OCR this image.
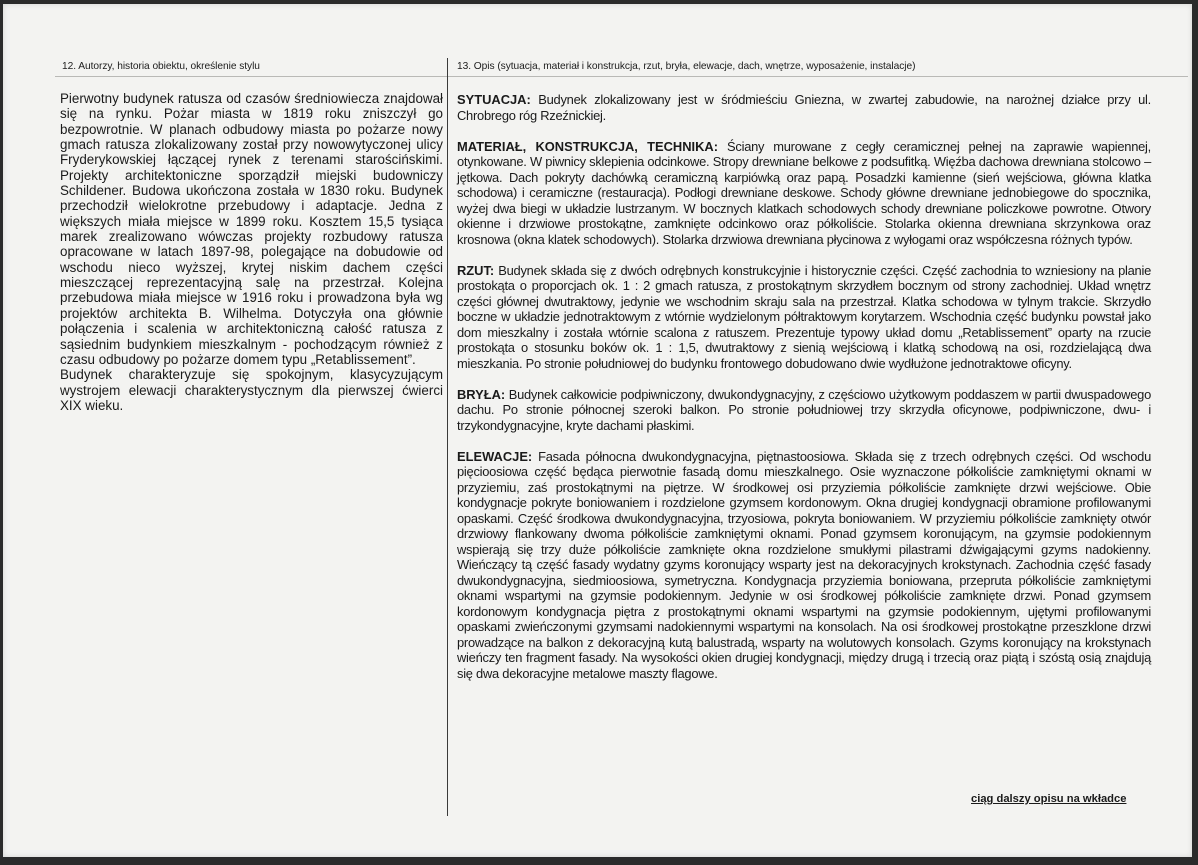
12. Autorzy, historia obiektu, określenie stylu	13. Opis (sytuacja, materiał i konstrukcja, rzut, bryła, elewacje, dach, wnętrze, wyposażenie, instalacje)

Pierwotny budynek ratusza od czasów średniowiecza znajdował się na rynku. Pożar miasta w 1819 roku zniszczył go bezpowrotnie. W planach odbudowy miasta po pożarze nowy gmach ratusza zlokalizowany został przy nowowytyczonej ulicy Fryderykowskiej łączącej rynek z terenami starościńskimi. Projekty architektoniczne sporządził miejski budowniczy Schildener. Budowa ukończona została w 1830 roku. Budynek przechodził wielokrotne przebudowy i adaptacje. Jedna z większych miała miejsce w 1899 roku. Kosztem 15,5 tysiąca marek zrealizowano wówczas projekty rozbudowy ratusza opracowane w latach 1897-98, polegające na dobudowie od wschodu nieco wyższej, krytej niskim dachem części mieszczącej reprezentacyjną salę na przestrzał. Kolejna przebudowa miała miejsce w 1916 roku i prowadzona była wg projektów architekta B. Wilhelma. Dotyczyła ona głównie połączenia i scalenia w architektoniczną całość ratusza z sąsiednim budynkiem mieszkalnym - pochodzącym również z czasu odbudowy po pożarze domem typu „Retablissement”.

Budynek charakteryzuje się spokojnym, klasycyzującym wystrojem elewacji charakterystycznym dla pierwszej ćwierci XIX wieku.

SYTUACJA: Budynek zlokalizowany jest w śródmieściu Gniezna, w zwartej zabudowie, na narożnej działce przy ul. Chrobrego róg Rzeźnickiej.

MATERIAŁ, KONSTRUKCJA, TECHNIKA: Ściany murowane z cegły ceramicznej pełnej na zaprawie wapiennej, otynkowane. W piwnicy sklepienia odcinkowe. Stropy drewniane belkowe z podsufitką. Więźba dachowa drewniana stolcowo – jętkowa. Dach pokryty dachówką ceramiczną karpiówką oraz papą. Posadzki kamienne (sień wejściowa, główna klatka schodowa) i ceramiczne (restauracja). Podłogi drewniane deskowe. Schody główne drewniane jednobiegowe do spocznika, wyżej dwa biegi w układzie lustrzanym. W bocznych klatkach schodowych schody drewniane policzkowe powrotne. Otwory okienne i drzwiowe prostokątne, zamknięte odcinkowo oraz półkoliście. Stolarka okienna drewniana skrzynkowa oraz krosnowa (okna klatek schodowych). Stolarka drzwiowa drewniana płycinowa z wyłogami oraz współczesna różnych typów.

RZUT: Budynek składa się z dwóch odrębnych konstrukcyjnie i historycznie części. Część zachodnia to wzniesiony na planie prostokąta o proporcjach ok. 1 : 2 gmach ratusza, z prostokątnym skrzydłem bocznym od strony zachodniej. Układ wnętrz części głównej dwutraktowy, jedynie we wschodnim skraju sala na przestrzał. Klatka schodowa w tylnym trakcie. Skrzydło boczne w układzie jednotraktowym z wtórnie wydzielonym półtraktowym korytarzem. Wschodnia część budynku powstał jako dom mieszkalny i została wtórnie scalona z ratuszem. Prezentuje typowy układ domu „Retablissement” oparty na rzucie prostokąta o stosunku boków ok. 1 : 1,5, dwutraktowy z sienią wejściową i klatką schodową na osi, rozdzielającą dwa mieszkania. Po stronie południowej do budynku frontowego dobudowano dwie wydłużone jednotraktowe oficyny.

BRYŁA: Budynek całkowicie podpiwniczony, dwukondygnacyjny, z częściowo użytkowym poddaszem w partii dwuspadowego dachu. Po stronie północnej szeroki balkon. Po stronie południowej trzy skrzydła oficynowe, podpiwniczone, dwu- i trzykondygnacyjne, kryte dachami płaskimi.

ELEWACJE: Fasada północna dwukondygnacyjna, piętnastoosiowa. Składa się z trzech odrębnych części. Od wschodu pięcioosiowa część będąca pierwotnie fasadą domu mieszkalnego. Osie wyznaczone półkoliście zamkniętymi oknami w przyziemiu, zaś prostokątnymi na piętrze. W środkowej osi przyziemia półkoliście zamknięte drzwi wejściowe. Obie kondygnacje pokryte boniowaniem i rozdzielone gzymsem kordonowym. Okna drugiej kondygnacji obramione profilowanymi opaskami. Część środkowa dwukondygnacyjna, trzyosiowa, pokryta boniowaniem. W przyziemiu półkoliście zamknięty otwór drzwiowy flankowany dwoma półkoliście zamkniętymi oknami. Ponad gzymsem koronującym, na gzymsie podokiennym wspierają się trzy duże półkoliście zamknięte okna rozdzielone smukłymi pilastrami dźwigającymi gzyms nadokienny. Wieńczący tą część fasady wydatny gzyms koronujący wsparty jest na dekoracyjnych krokstynach. Zachodnia część fasady dwukondygnacyjna, siedmioosiowa, symetryczna. Kondygnacja przyziemia boniowana, przepruta półkoliście zamkniętymi oknami wspartymi na gzymsie podokiennym. Jedynie w osi środkowej półkoliście zamknięte drzwi. Ponad gzymsem kordonowym kondygnacja piętra z prostokątnymi oknami wspartymi na gzymsie podokiennym, ujętymi profilowanymi opaskami zwieńczonymi gzymsami nadokiennymi wspartymi na konsolach. Na osi środkowej prostokątne przeszklone drzwi prowadzące na balkon z dekoracyjną kutą balustradą, wsparty na wolutowych konsolach. Gzyms koronujący na krokstynach wieńczy ten fragment fasady. Na wysokości okien drugiej kondygnacji, między drugą i trzecią oraz piątą i szóstą osią znajdują się dwa dekoracyjne metalowe maszty flagowe.

ciąg dalszy opisu na wkładce
